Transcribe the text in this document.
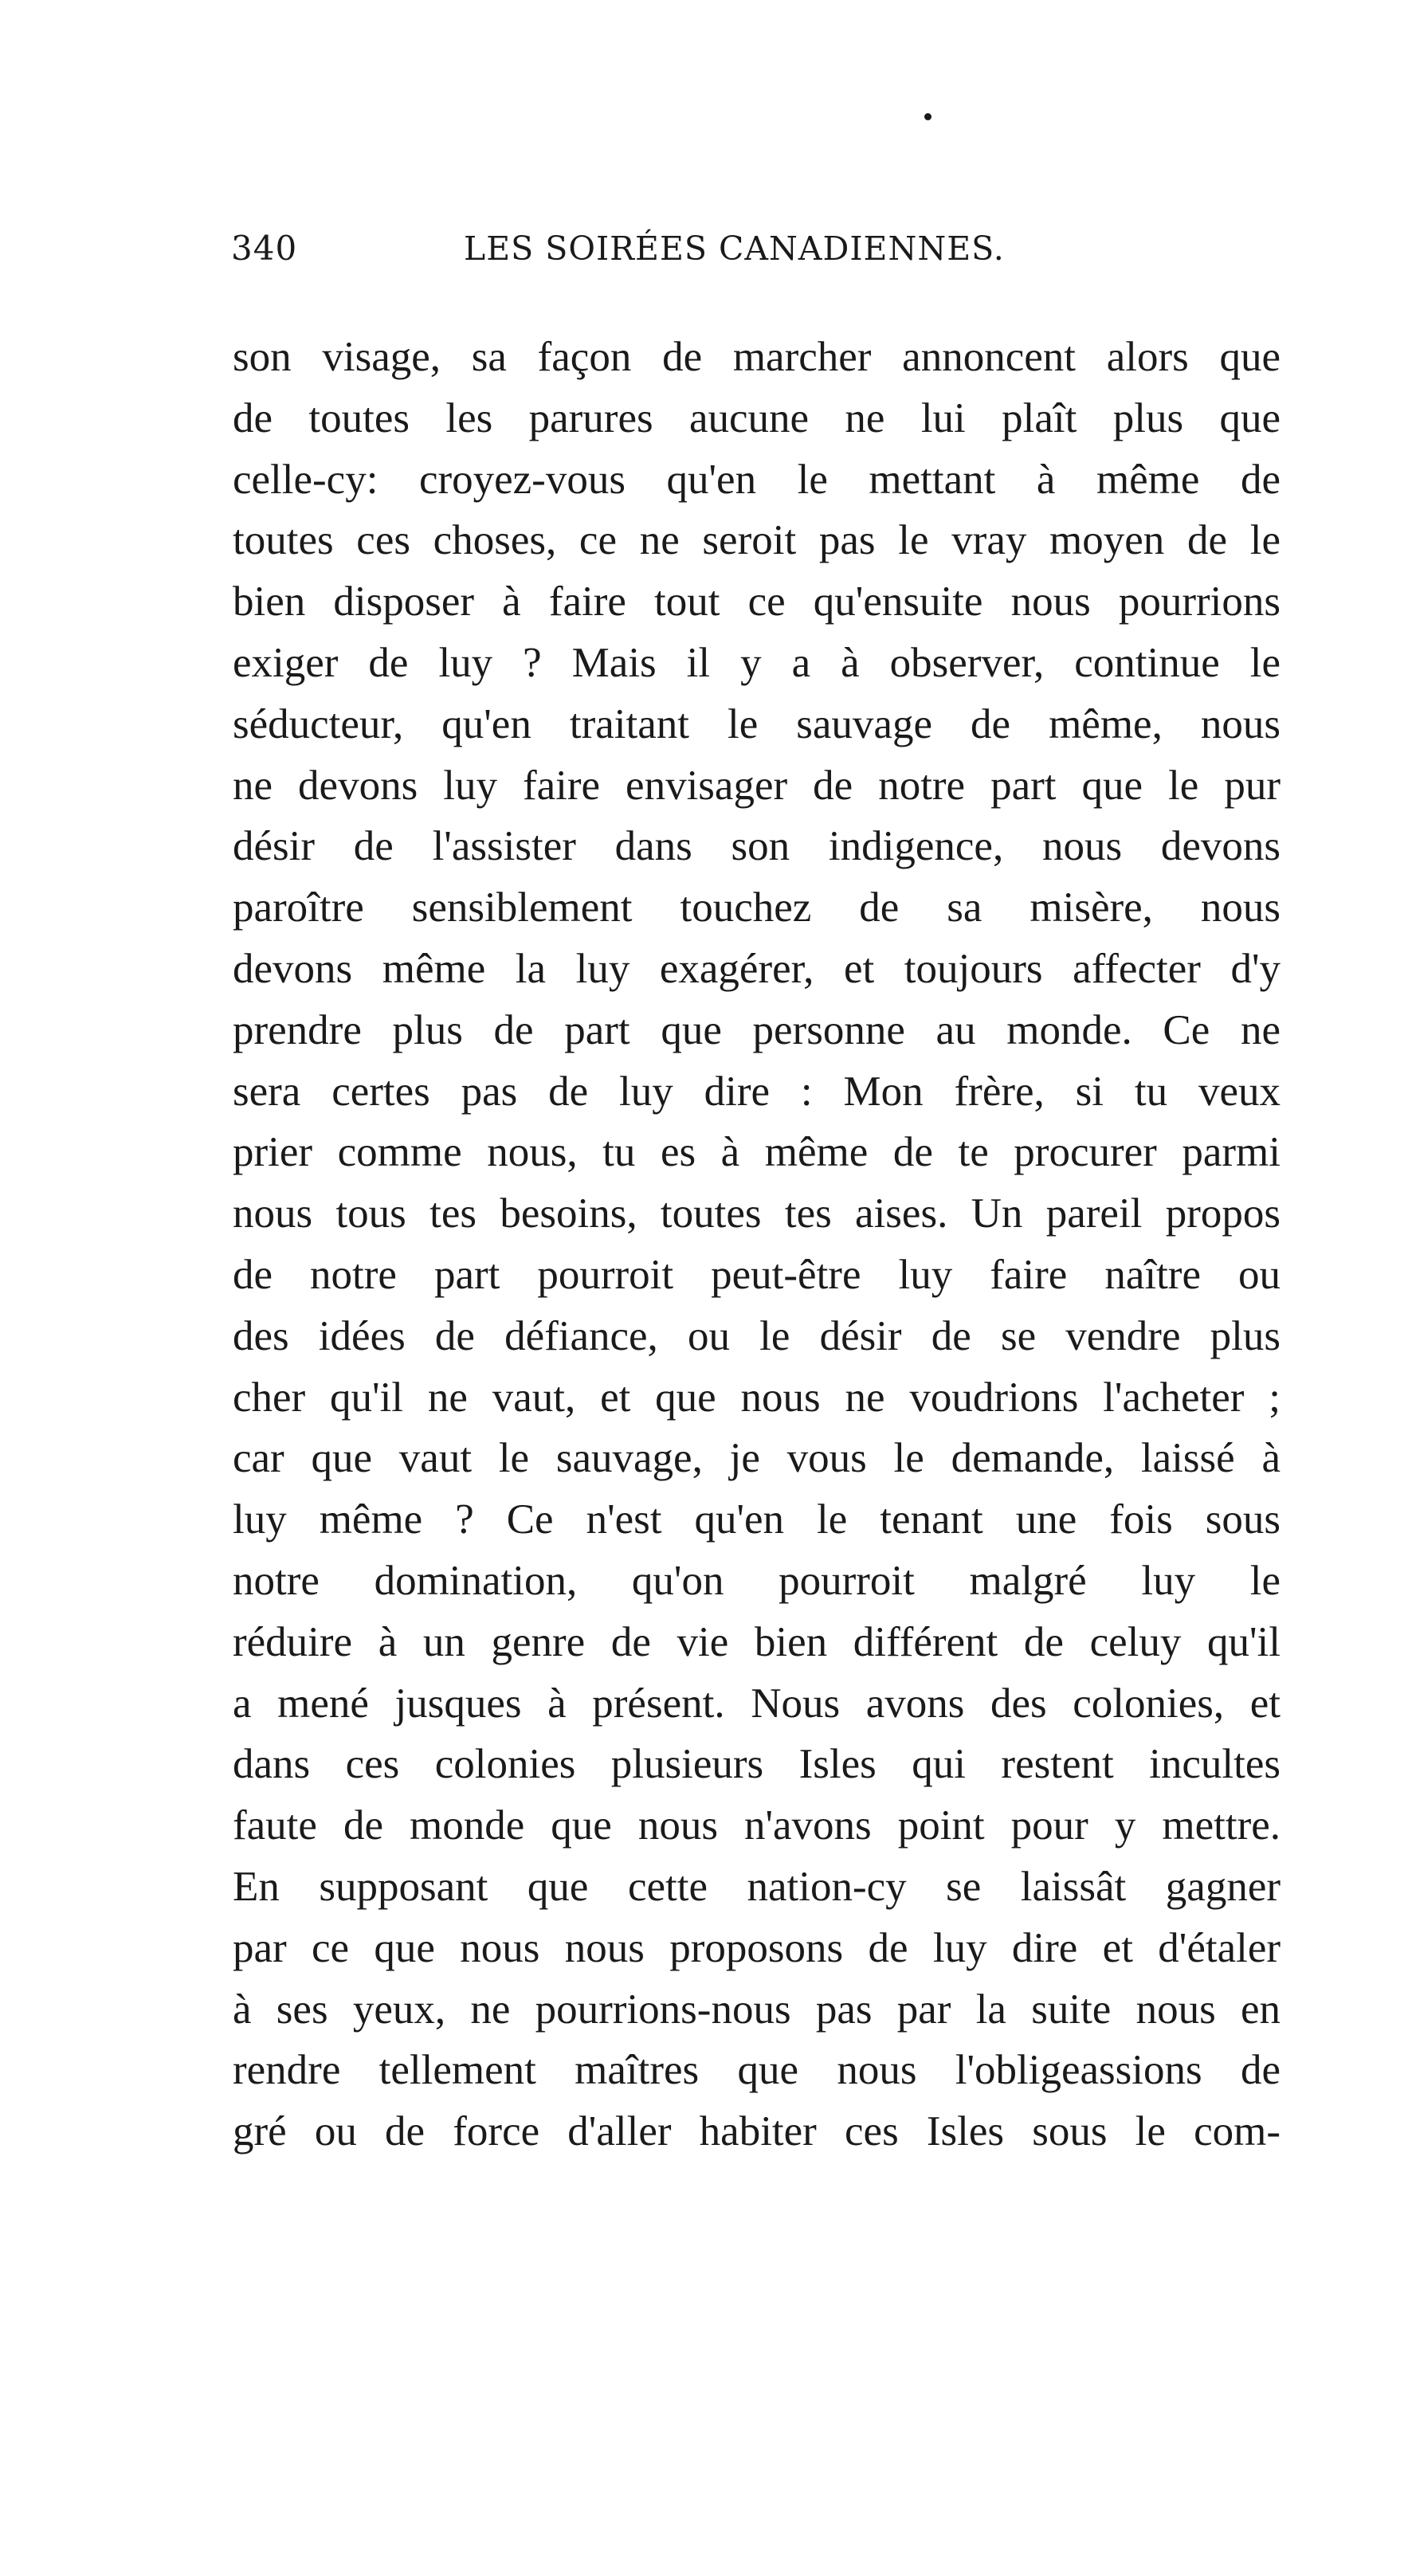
340	LES SOIRÉES CANADIENNES.
son visage, sa façon de marcher annoncent alors que
de toutes les parures aucune ne lui plaît plus que
celle-cy: croyez-vous qu'en le mettant à même de
toutes ces choses, ce ne seroit pas le vray moyen de le
bien disposer à faire tout ce qu'ensuite nous pourrions
exiger de luy ? Mais il y a à observer, continue le
séducteur, qu'en traitant le sauvage de même, nous
ne devons luy faire envisager de notre part que le pur
désir de l'assister dans son indigence, nous devons
paroître sensiblement touchez de sa misère, nous
devons même la luy exagérer, et toujours affecter d'y
prendre plus de part que personne au monde. Ce ne
sera certes pas de luy dire : Mon frère, si tu veux
prier comme nous, tu es à même de te procurer parmi
nous tous tes besoins, toutes tes aises. Un pareil propos
de notre part pourroit peut-être luy faire naître ou
des idées de défiance, ou le désir de se vendre plus
cher qu'il ne vaut, et que nous ne voudrions l'acheter ;
car que vaut le sauvage, je vous le demande, laissé à
luy même ? Ce n'est qu'en le tenant une fois sous
notre domination, qu'on pourroit malgré luy le
réduire à un genre de vie bien différent de celuy qu'il
a mené jusques à présent. Nous avons des colonies, et
dans ces colonies plusieurs Isles qui restent incultes
faute de monde que nous n'avons point pour y mettre.
En supposant que cette nation-cy se laissât gagner
par ce que nous nous proposons de luy dire et d'étaler
à ses yeux, ne pourrions-nous pas par la suite nous en
rendre tellement maîtres que nous l'obligeassions de
gré ou de force d'aller habiter ces Isles sous le com-
